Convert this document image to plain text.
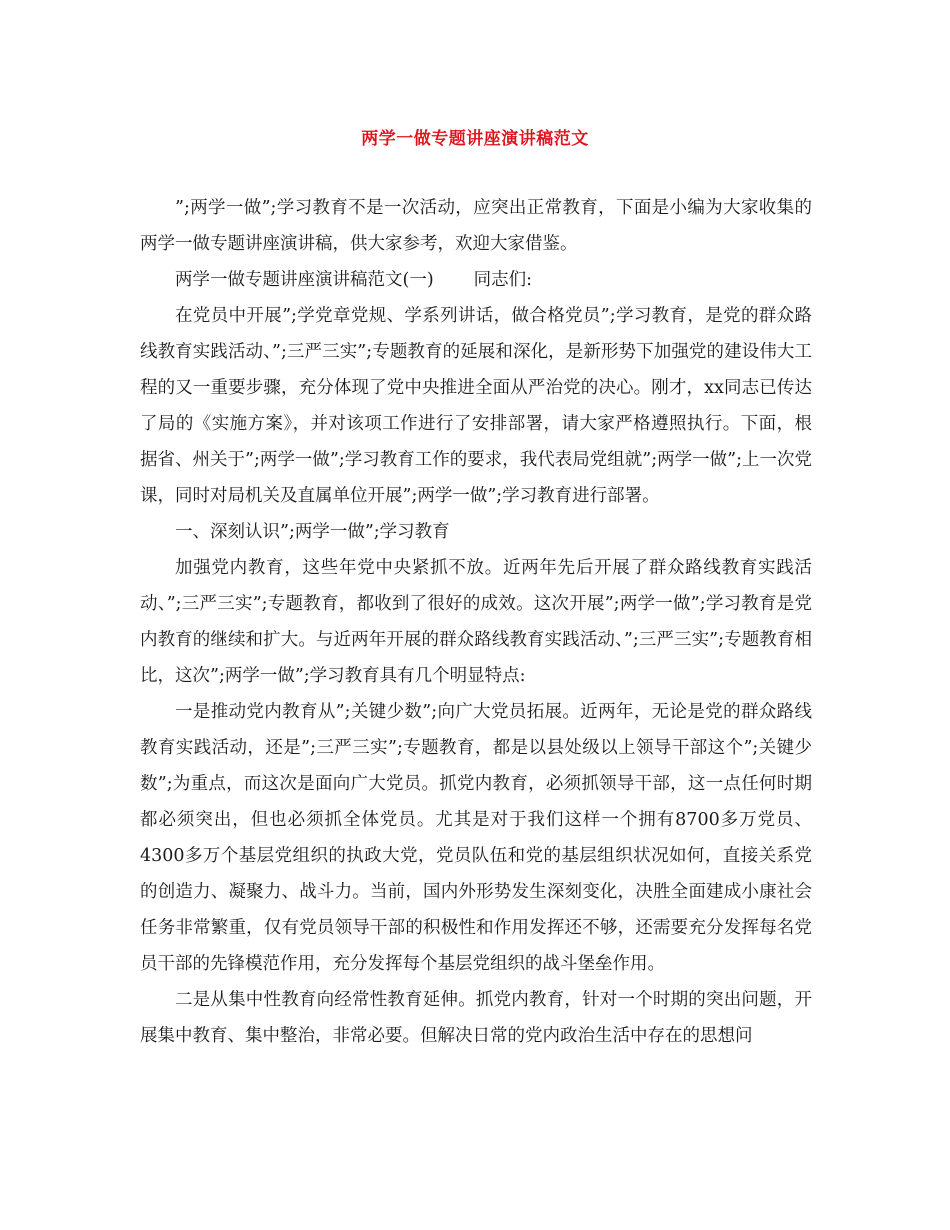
两学一做专题讲座演讲稿范文

”;两学一做”;学习教育不是一次活动，应突出正常教育，下面是小编为大家收集的两学一做专题讲座演讲稿，供大家参考，欢迎大家借鉴。

两学一做专题讲座演讲稿范文(一) 同志们:

在党员中开展”;学党章党规、学系列讲话，做合格党员”;学习教育，是党的群众路线教育实践活动、”;三严三实”;专题教育的延展和深化，是新形势下加强党的建设伟大工程的又一重要步骤，充分体现了党中央推进全面从严治党的决心。刚才，xx同志已传达了局的《实施方案》，并对该项工作进行了安排部署，请大家严格遵照执行。下面，根据省、州关于”;两学一做”;学习教育工作的要求，我代表局党组就”;两学一做”;上一次党课，同时对局机关及直属单位开展”;两学一做”;学习教育进行部署。

一、深刻认识”;两学一做”;学习教育

加强党内教育，这些年党中央紧抓不放。近两年先后开展了群众路线教育实践活动、”;三严三实”;专题教育，都收到了很好的成效。这次开展”;两学一做”;学习教育是党内教育的继续和扩大。与近两年开展的群众路线教育实践活动、”;三严三实”;专题教育相比，这次”;两学一做”;学习教育具有几个明显特点:

一是推动党内教育从”;关键少数”;向广大党员拓展。近两年，无论是党的群众路线教育实践活动，还是”;三严三实”;专题教育，都是以县处级以上领导干部这个”;关键少数”;为重点，而这次是面向广大党员。抓党内教育，必须抓领导干部，这一点任何时期都必须突出，但也必须抓全体党员。尤其是对于我们这样一个拥有8700多万党员、4300多万个基层党组织的执政大党，党员队伍和党的基层组织状况如何，直接关系党的创造力、凝聚力、战斗力。当前，国内外形势发生深刻变化，决胜全面建成小康社会任务非常繁重，仅有党员领导干部的积极性和作用发挥还不够，还需要充分发挥每名党员干部的先锋模范作用，充分发挥每个基层党组织的战斗堡垒作用。

二是从集中性教育向经常性教育延伸。抓党内教育，针对一个时期的突出问题，开展集中教育、集中整治，非常必要。但解决日常的党内政治生活中存在的思想问
